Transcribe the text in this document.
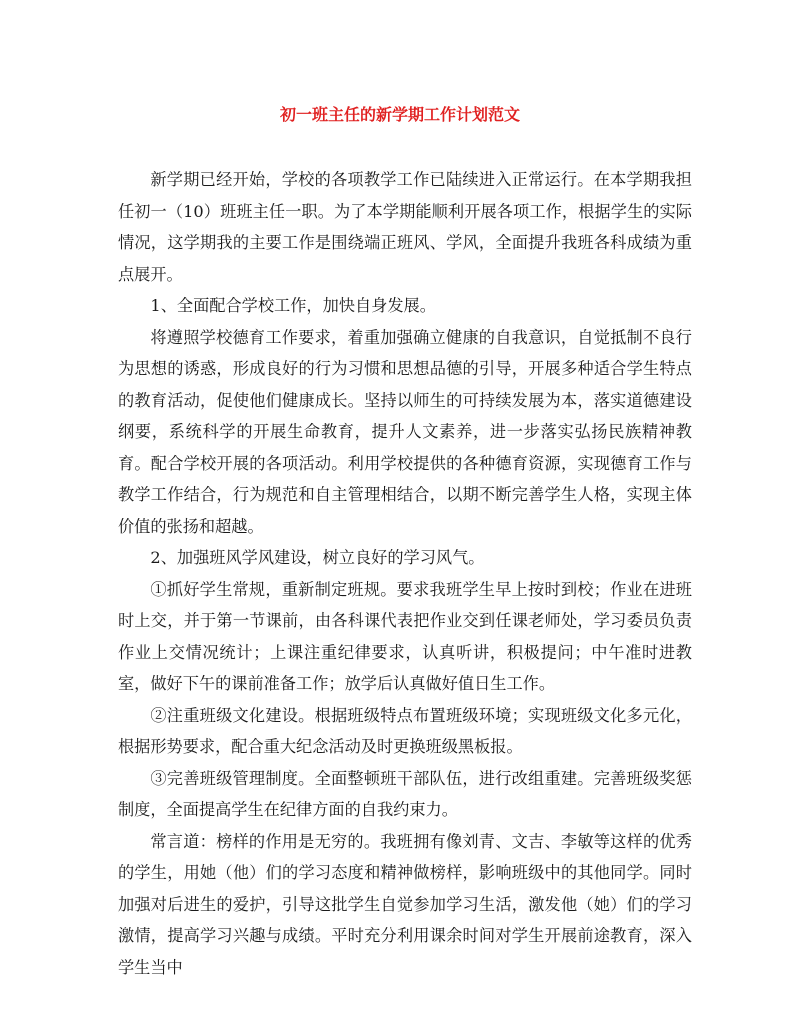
初一班主任的新学期工作计划范文

新学期已经开始，学校的各项教学工作已陆续进入正常运行。在本学期我担任初一（10）班班主任一职。为了本学期能顺利开展各项工作，根据学生的实际情况，这学期我的主要工作是围绕端正班风、学风，全面提升我班各科成绩为重点展开。

1、全面配合学校工作，加快自身发展。

将遵照学校德育工作要求，着重加强确立健康的自我意识，自觉抵制不良行为思想的诱惑，形成良好的行为习惯和思想品德的引导，开展多种适合学生特点的教育活动，促使他们健康成长。坚持以师生的可持续发展为本，落实道德建设纲要，系统科学的开展生命教育，提升人文素养，进一步落实弘扬民族精神教育。配合学校开展的各项活动。利用学校提供的各种德育资源，实现德育工作与教学工作结合，行为规范和自主管理相结合，以期不断完善学生人格，实现主体价值的张扬和超越。

2、加强班风学风建设，树立良好的学习风气。

①抓好学生常规，重新制定班规。要求我班学生早上按时到校；作业在进班时上交，并于第一节课前，由各科课代表把作业交到任课老师处，学习委员负责作业上交情况统计；上课注重纪律要求，认真听讲，积极提问；中午准时进教室，做好下午的课前准备工作；放学后认真做好值日生工作。

②注重班级文化建设。根据班级特点布置班级环境；实现班级文化多元化，根据形势要求，配合重大纪念活动及时更换班级黑板报。

③完善班级管理制度。全面整顿班干部队伍，进行改组重建。完善班级奖惩制度，全面提高学生在纪律方面的自我约束力。

常言道：榜样的作用是无穷的。我班拥有像刘青、文吉、李敏等这样的优秀的学生，用她（他）们的学习态度和精神做榜样，影响班级中的其他同学。同时加强对后进生的爱护，引导这批学生自觉参加学习生活，激发他（她）们的学习激情，提高学习兴趣与成绩。平时充分利用课余时间对学生开展前途教育，深入学生当中
